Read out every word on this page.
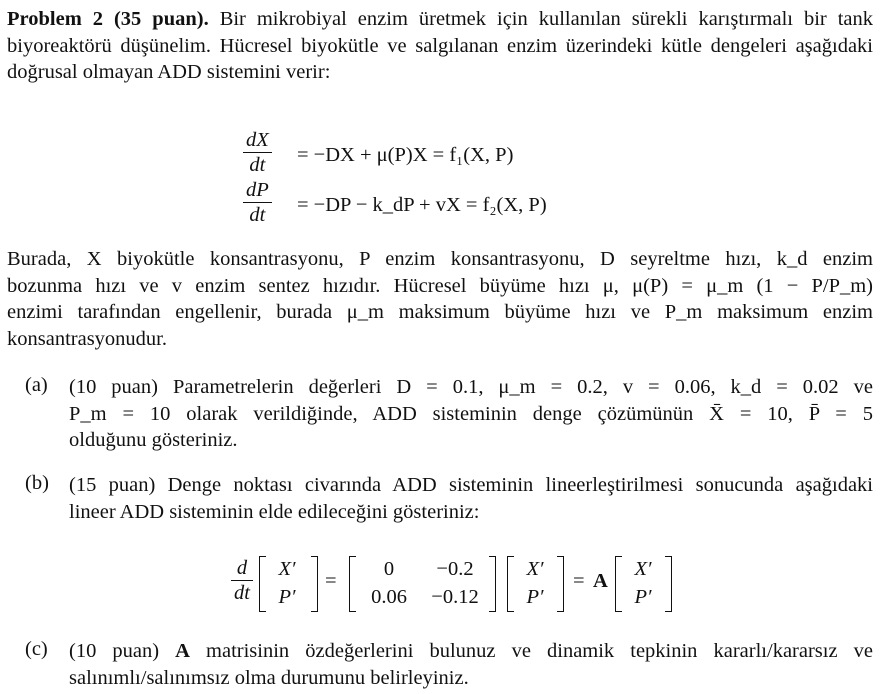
Problem 2 (35 puan). Bir mikrobiyal enzim üretmek için kullanılan sürekli karıştırmalı bir tank biyoreaktörü düşünelim. Hücresel biyokütle ve salgılanan enzim üzerindeki kütle dengeleri aşağıdaki doğrusal olmayan ADD sistemini verir:

$\frac{dX}{dt} = -DX + \mu(P)X = f_1(X$, P)
$\frac{dP}{dt} = -DP$ − k_dP + vX = f₂(X, P)

Burada, X biyokütle konsantrasyonu, P enzim konsantrasyonu, D seyreltme hızı, k_d enzim

bozunma hızı ve v enzim sentez hızıdır. Hücresel büyüme hızı μ, μ(P) = μ_m (1 − P/P_m)

enzimi tarafından engellenir, burada μ_m maksimum büyüme hızı ve P_m maksimum enzim

konsantrasyonudur.

(a) (10 puan) Parametrelerin değerleri D = 0.1, μ_m = 0.2, v = 0.06, k_d = 0.02 ve

P_m = 10 olarak verildiğinde, ADD sisteminin denge çözümünün X̄ = 10, P̄ = 5

olduğunu gösteriniz.

(b) (15 puan) Denge noktası civarında ADD sisteminin lineerleştirilmesi sonucunda aşağıdaki

lineer ADD sisteminin elde edileceğini gösteriniz:

$\frac{d}{dt}$	X′
P′
=
0	−0.2
0.06	−0.12
X′
P′
= A
X′
P′
(c) (10 puan) A matrisinin özdeğerlerini bulunuz ve dinamik tepkinin kararlı/kararsız ve

salınımlı/salınımsız olma durumunu belirleyiniz.
